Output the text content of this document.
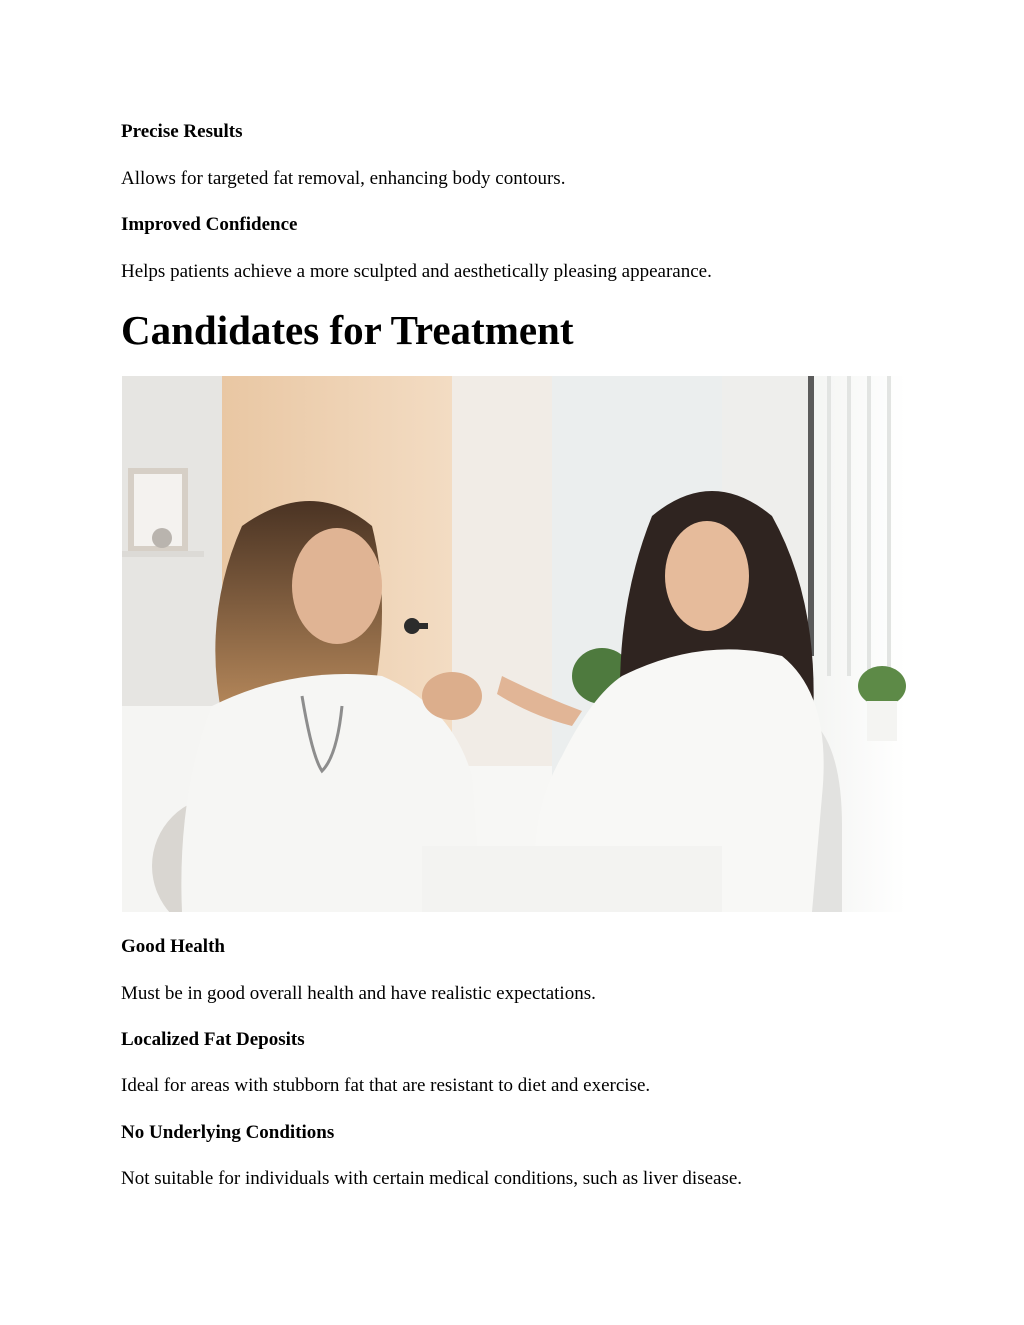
Precise Results
Allows for targeted fat removal, enhancing body contours.
Improved Confidence
Helps patients achieve a more sculpted and aesthetically pleasing appearance.
Candidates for Treatment
Good Health
Must be in good overall health and have realistic expectations.
Localized Fat Deposits
Ideal for areas with stubborn fat that are resistant to diet and exercise.
No Underlying Conditions
Not suitable for individuals with certain medical conditions, such as liver disease.
